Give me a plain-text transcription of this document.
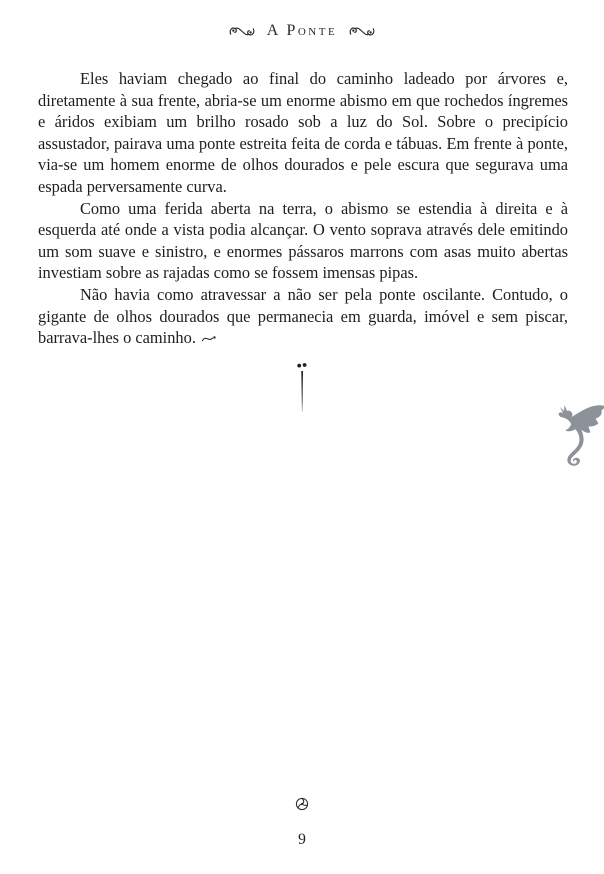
A Ponte

Eles haviam chegado ao final do caminho ladeado por árvores e, diretamente à sua frente, abria-se um enorme abismo em que rochedos íngremes e áridos exibiam um brilho rosado sob a luz do Sol. Sobre o precipício assustador, pairava uma ponte estreita feita de corda e tábuas. Em frente à ponte, via-se um homem enorme de olhos dourados e pele escura que segurava uma espada perversamente curva.

Como uma ferida aberta na terra, o abismo se estendia à direita e à esquerda até onde a vista podia alcançar. O vento soprava através dele emitindo um som suave e sinistro, e enormes pássaros marrons com asas muito abertas investiam sobre as rajadas como se fossem imensas pipas.

Não havia como atravessar a não ser pela ponte oscilante. Contudo, o gigante de olhos dourados que permanecia em guarda, imóvel e sem piscar, barrava-lhes o caminho.

9
